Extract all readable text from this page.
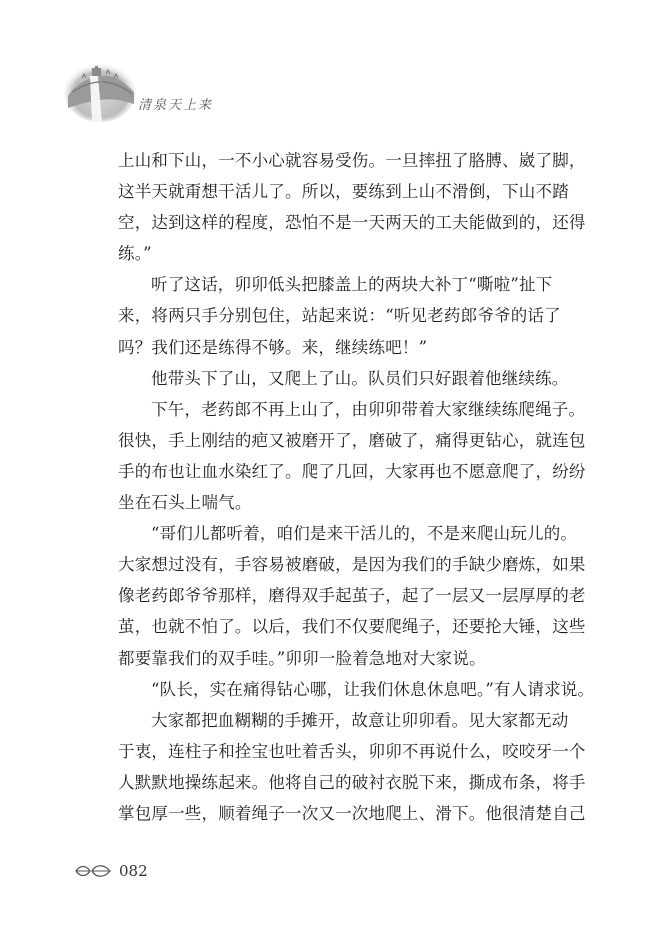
清泉天上来
上山和下山，一不小心就容易受伤。一旦摔扭了胳膊、崴了脚，
这半天就甭想干活儿了。所以，要练到上山不滑倒，下山不踏
空，达到这样的程度，恐怕不是一天两天的工夫能做到的，还得
练。”
听了这话，卯卯低头把膝盖上的两块大补丁“嘶啦”扯下
来，将两只手分别包住，站起来说：“听见老药郎爷爷的话了
吗？我们还是练得不够。来，继续练吧！”
他带头下了山，又爬上了山。队员们只好跟着他继续练。
下午，老药郎不再上山了，由卯卯带着大家继续练爬绳子。
很快，手上刚结的疤又被磨开了，磨破了，痛得更钻心，就连包
手的布也让血水染红了。爬了几回，大家再也不愿意爬了，纷纷
坐在石头上喘气。
“哥们儿都听着，咱们是来干活儿的，不是来爬山玩儿的。
大家想过没有，手容易被磨破，是因为我们的手缺少磨炼，如果
像老药郎爷爷那样，磨得双手起茧子，起了一层又一层厚厚的老
茧，也就不怕了。以后，我们不仅要爬绳子，还要抡大锤，这些
都要靠我们的双手哇。”卯卯一脸着急地对大家说。
“队长，实在痛得钻心哪，让我们休息休息吧。”有人请求说。
大家都把血糊糊的手摊开，故意让卯卯看。见大家都无动
于衷，连柱子和拴宝也吐着舌头，卯卯不再说什么，咬咬牙一个
人默默地操练起来。他将自己的破衬衣脱下来，撕成布条，将手
掌包厚一些，顺着绳子一次又一次地爬上、滑下。他很清楚自己
082
